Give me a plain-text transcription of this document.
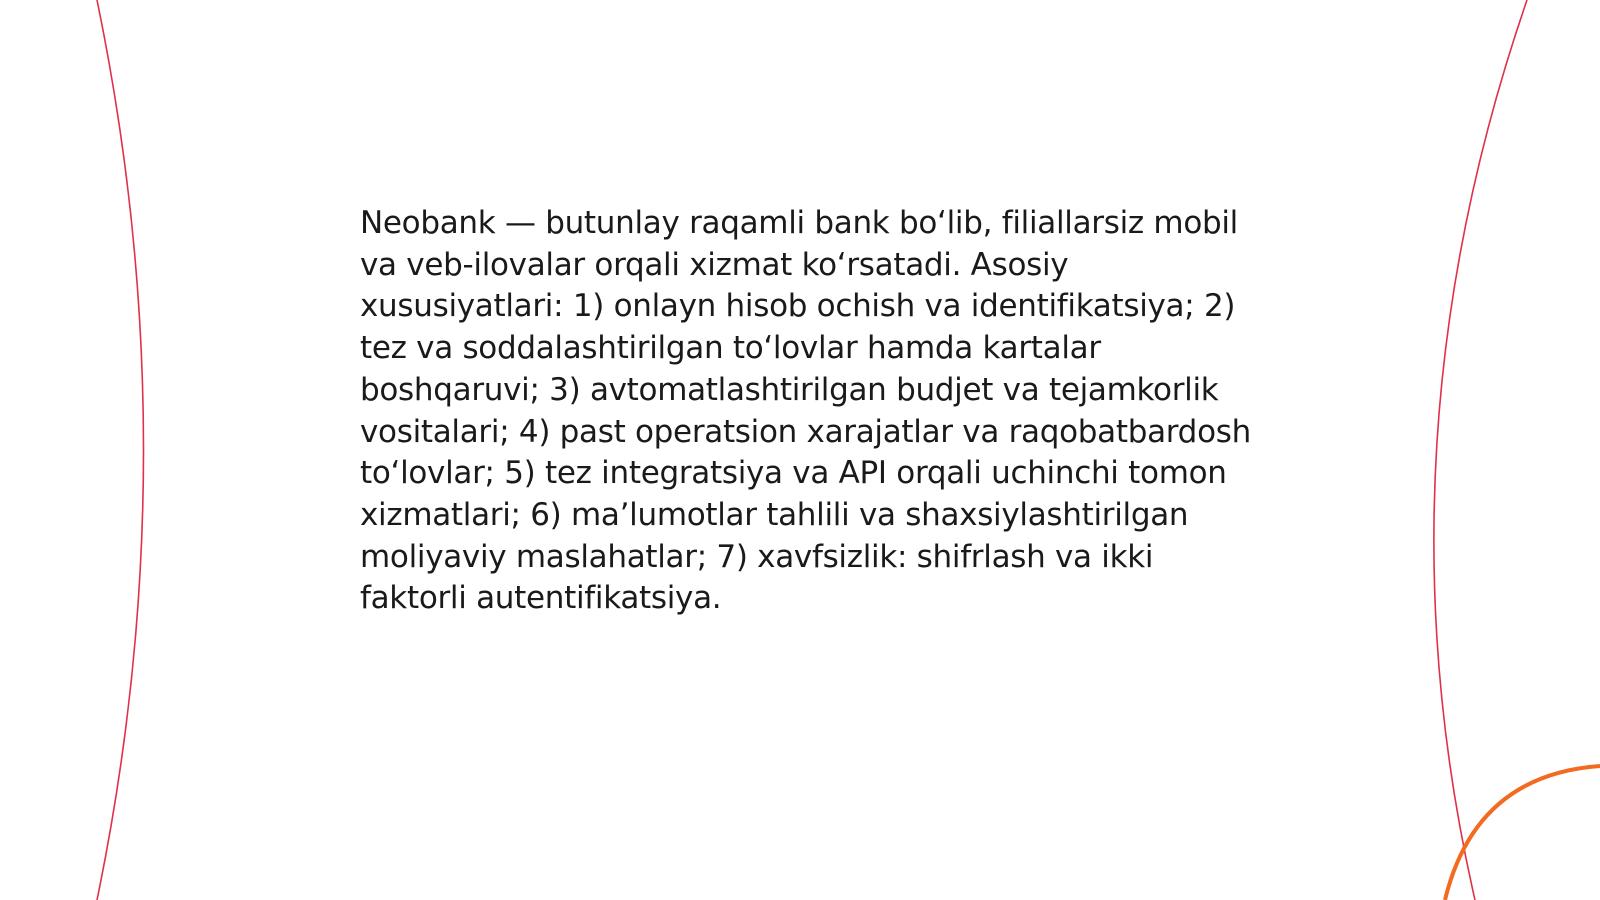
Neobank — butunlay raqamli bank bo‘lib, filiallarsiz mobil va veb-ilovalar orqali xizmat ko‘rsatadi. Asosiy xususiyatlari: 1) onlayn hisob ochish va identifikatsiya; 2) tez va soddalashtirilgan to‘lovlar hamda kartalar boshqaruvi; 3) avtomatlashtirilgan budjet va tejamkorlik vositalari; 4) past operatsion xarajatlar va raqobatbardosh to‘lovlar; 5) tez integratsiya va API orqali uchinchi tomon xizmatlari; 6) ma’lumotlar tahlili va shaxsiylashtirilgan moliyaviy maslahatlar; 7) xavfsizlik: shifrlash va ikki faktorli autentifikatsiya.
